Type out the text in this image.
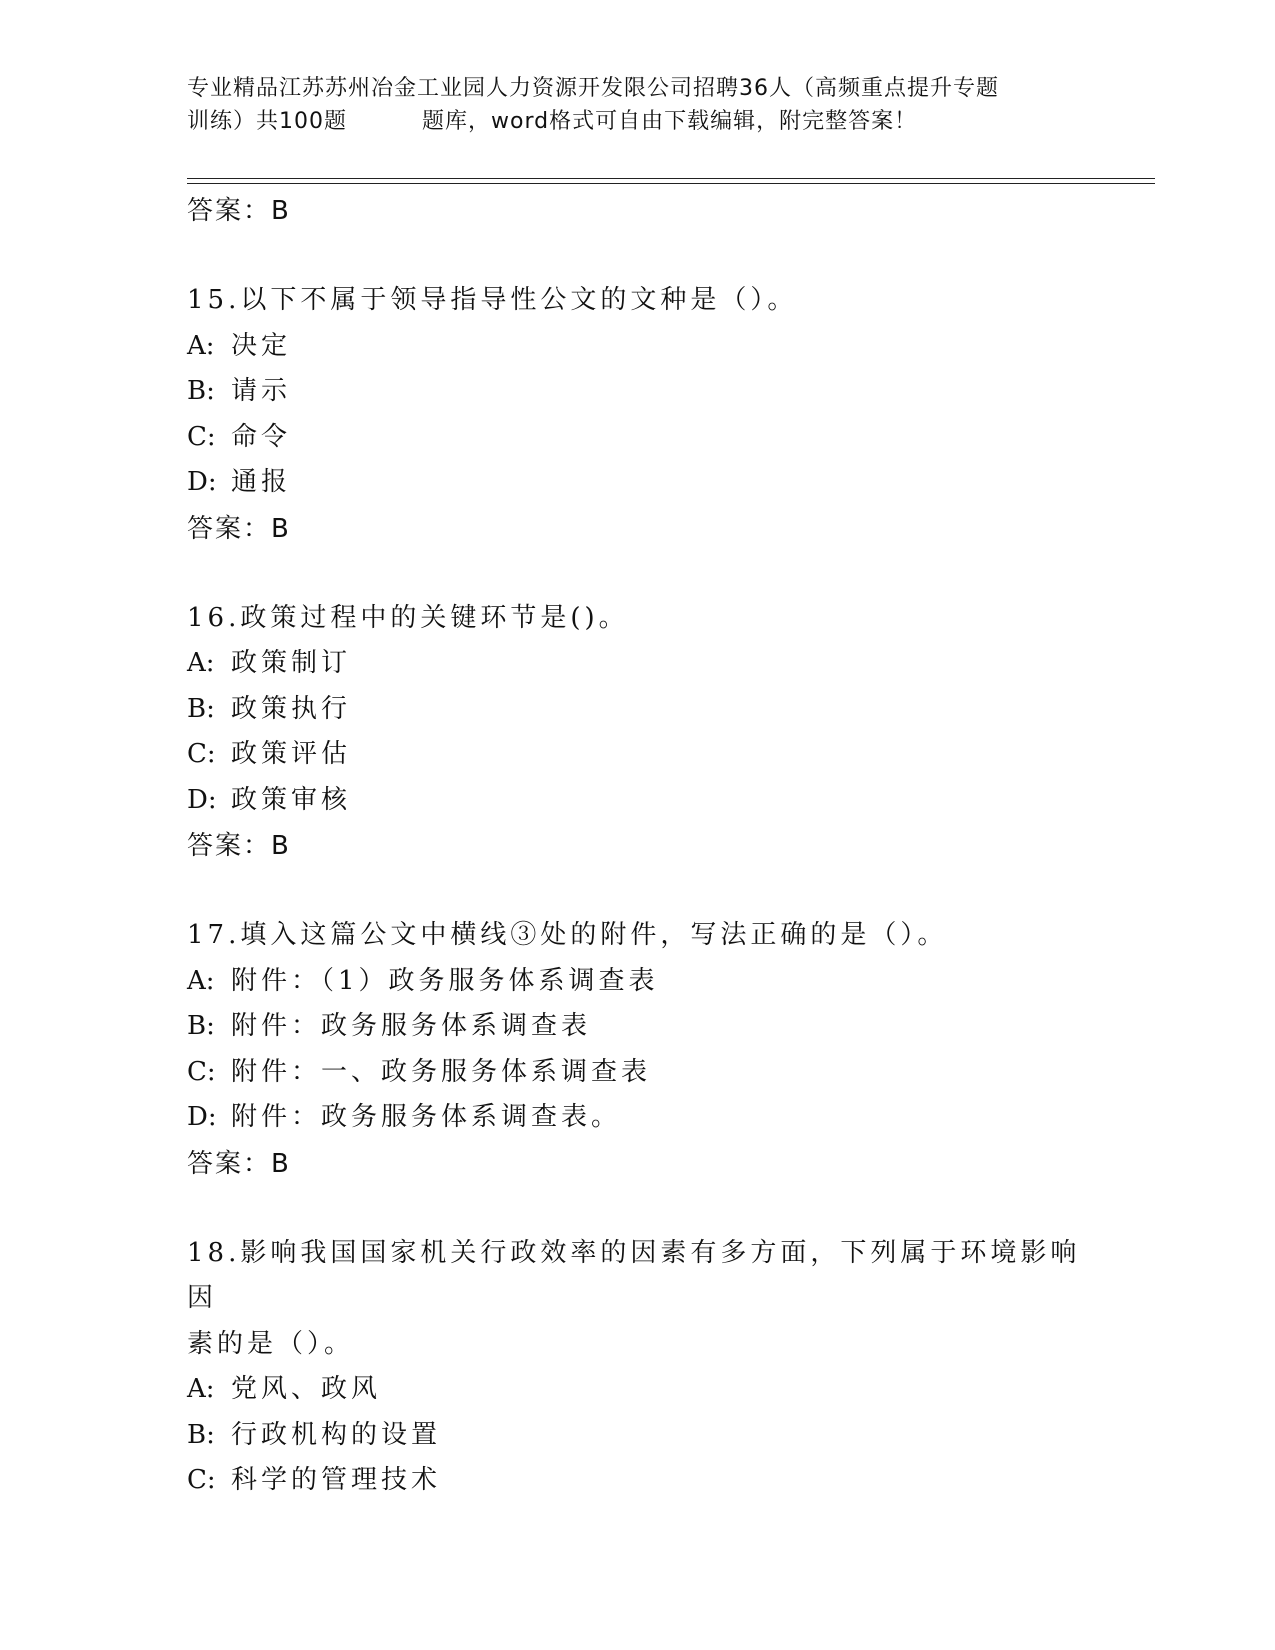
专业精品江苏苏州冶金工业园人力资源开发限公司招聘36人（高频重点提升专题
训练）共100题	题库，word格式可自由下载编辑，附完整答案！
答案：B
15.以下不属于领导指导性公文的文种是（）。
A: 决定
B: 请示
C: 命令
D: 通报
答案：B
16.政策过程中的关键环节是()。
A: 政策制订
B: 政策执行
C: 政策评估
D: 政策审核
答案：B
17.填入这篇公文中横线③处的附件，写法正确的是（）。
A: 附件：（1）政务服务体系调查表
B: 附件：政务服务体系调查表
C: 附件：一、政务服务体系调查表
D: 附件：政务服务体系调查表。
答案：B
18.影响我国国家机关行政效率的因素有多方面，下列属于环境影响因
素的是（）。
A: 党风、政风
B: 行政机构的设置
C: 科学的管理技术
